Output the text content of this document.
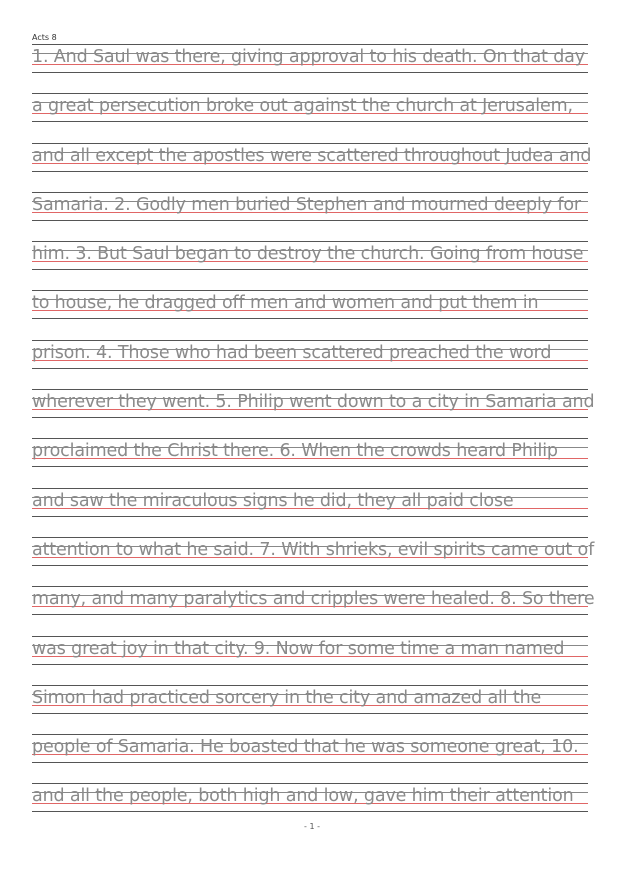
Acts 8
1. And Saul was there, giving approval to his death. On that day
a great persecution broke out against the church at Jerusalem,
and all except the apostles were scattered throughout Judea and
Samaria. 2. Godly men buried Stephen and mourned deeply for
him. 3. But Saul began to destroy the church. Going from house
to house, he dragged off men and women and put them in
prison. 4. Those who had been scattered preached the word
wherever they went. 5. Philip went down to a city in Samaria and
proclaimed the Christ there. 6. When the crowds heard Philip
and saw the miraculous signs he did, they all paid close
attention to what he said. 7. With shrieks, evil spirits came out of
many, and many paralytics and cripples were healed. 8. So there
was great joy in that city. 9. Now for some time a man named
Simon had practiced sorcery in the city and amazed all the
people of Samaria. He boasted that he was someone great, 10.
and all the people, both high and low, gave him their attention
- 1 -
